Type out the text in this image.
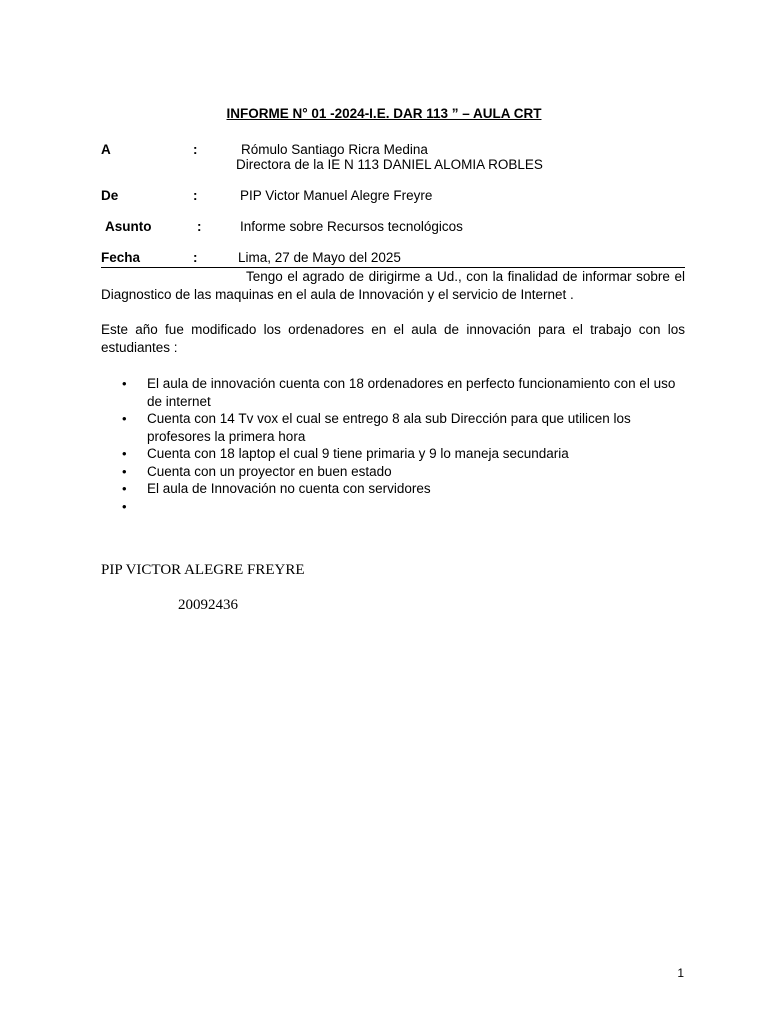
INFORME N° 01 -2024-I.E. DAR 113 ” – AULA CRT
A	:	Rómulo Santiago Ricra Medina
Directora de la IE N 113 DANIEL ALOMIA ROBLES
De	:	PIP Victor Manuel Alegre Freyre
Asunto	:	Informe sobre Recursos tecnológicos
Fecha	:	Lima, 27 de Mayo del 2025
Tengo el agrado de dirigirme a Ud., con la finalidad de informar sobre el Diagnostico de las maquinas en el aula de Innovación y el servicio de Internet .
Este año fue modificado los ordenadores en el aula de innovación para el trabajo con los estudiantes :
• El aula de innovación cuenta con 18 ordenadores en perfecto funcionamiento con el uso de internet
• Cuenta con 14 Tv vox el cual se entrego 8 ala sub Dirección para que utilicen los profesores la primera hora
• Cuenta con 18 laptop el cual 9 tiene primaria y 9 lo maneja secundaria
• Cuenta con un proyector en buen estado
• El aula de Innovación no cuenta con servidores
•

PIP VICTOR ALEGRE FREYRE
20092436
1
